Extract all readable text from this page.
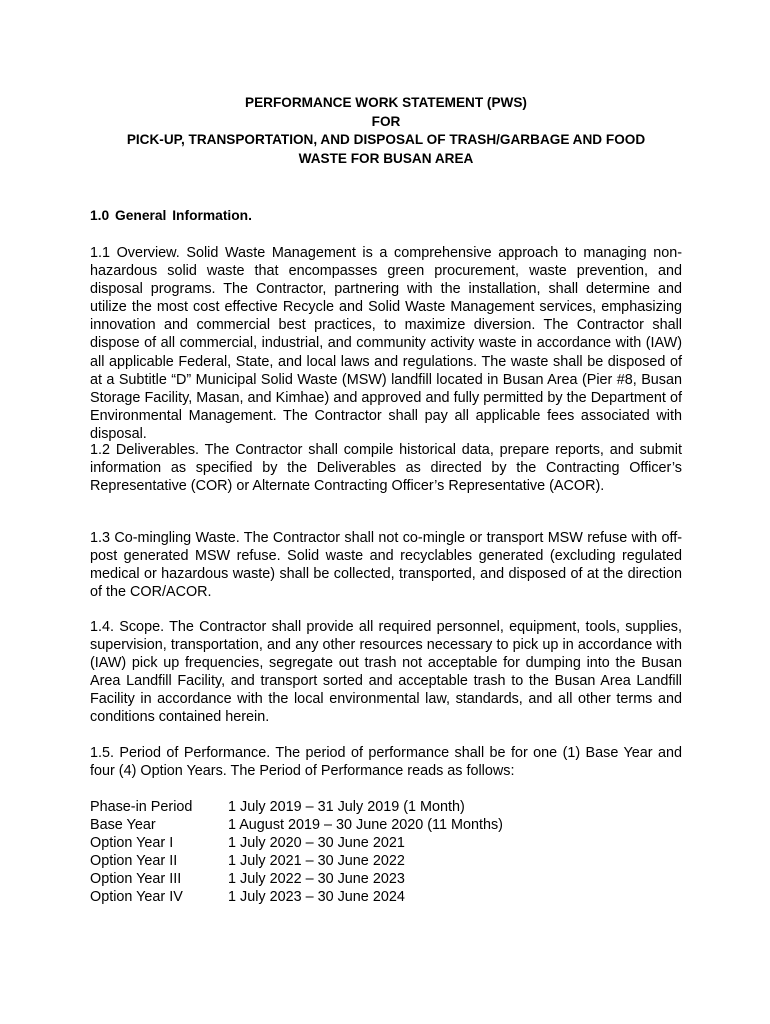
PERFORMANCE WORK STATEMENT (PWS)

FOR

PICK-UP, TRANSPORTATION, AND DISPOSAL OF TRASH/GARBAGE AND FOOD

WASTE FOR BUSAN AREA

1.0 General Information.

1.1 Overview. Solid Waste Management is a comprehensive approach to managing non-hazardous solid waste that encompasses green procurement, waste prevention, and disposal programs. The Contractor, partnering with the installation, shall determine and utilize the most cost effective Recycle and Solid Waste Management services, emphasizing innovation and commercial best practices, to maximize diversion. The Contractor shall dispose of all commercial, industrial, and community activity waste in accordance with (IAW) all applicable Federal, State, and local laws and regulations. The waste shall be disposed of at a Subtitle “D” Municipal Solid Waste (MSW) landfill located in Busan Area (Pier #8, Busan Storage Facility, Masan, and Kimhae) and approved and fully permitted by the Department of Environmental Management. The Contractor shall pay all applicable fees associated with disposal.

1.2 Deliverables. The Contractor shall compile historical data, prepare reports, and submit information as specified by the Deliverables as directed by the Contracting Officer’s Representative (COR) or Alternate Contracting Officer’s Representative (ACOR).

1.3 Co-mingling Waste. The Contractor shall not co-mingle or transport MSW refuse with off-post generated MSW refuse. Solid waste and recyclables generated (excluding regulated medical or hazardous waste) shall be collected, transported, and disposed of at the direction of the COR/ACOR.

1.4. Scope. The Contractor shall provide all required personnel, equipment, tools, supplies, supervision, transportation, and any other resources necessary to pick up in accordance with (IAW) pick up frequencies, segregate out trash not acceptable for dumping into the Busan Area Landfill Facility, and transport sorted and acceptable trash to the Busan Area Landfill Facility in accordance with the local environmental law, standards, and all other terms and conditions contained herein.

1.5. Period of Performance. The period of performance shall be for one (1) Base Year and four (4) Option Years. The Period of Performance reads as follows:

Phase-in Period	1 July 2019 – 31 July 2019 (1 Month)
Base Year	1 August 2019 – 30 June 2020 (11 Months)
Option Year I	1 July 2020 – 30 June 2021
Option Year II	1 July 2021 – 30 June 2022
Option Year III	1 July 2022 – 30 June 2023
Option Year IV	1 July 2023 – 30 June 2024
